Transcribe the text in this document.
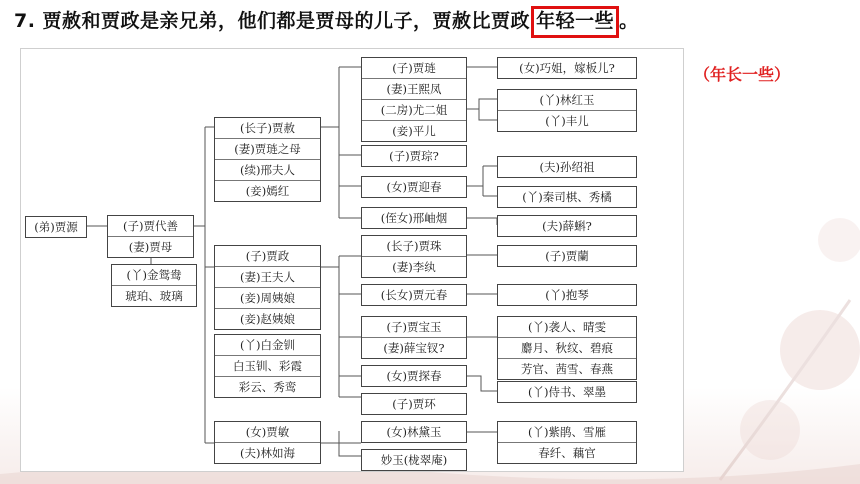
7. 贾赦和贾政是亲兄弟，他们都是贾母的儿子，贾赦比贾政 年轻一些 。
（年长一些）
(弟)贾源	(子)贾代善
(妻)贾母
(丫)金鸳鸯
琥珀、玻璃
(长子)贾赦
(妻)贾琏之母
(续)邢夫人
(妾)嫣红
(子)贾琏
(妻)王熙凤
(二房)尤二姐
(妾)平儿
(女)巧姐，嫁板儿?
(丫)林红玉
(丫)丰儿
(子)贾琮?
(女)贾迎春
(夫)孙绍祖
(丫)秦司棋、秀橘
(侄女)邢岫烟
(夫)薛蝌?
(子)贾政
(妻)王夫人
(妾)周姨娘
(妾)赵姨娘
(丫)白金钏
白玉钏、彩霞
彩云、秀鸾
(长子)贾珠
(妻)李纨
(子)贾蘭
(长女)贾元春	(丫)抱琴
(子)贾宝玉
(妻)薛宝钗?
(丫)袭人、晴雯
麝月、秋纹、碧痕
芳官、茜雪、春燕
(女)贾探春
(丫)侍书、翠墨
(子)贾环
(女)贾敏
(夫)林如海
(女)林黛玉	(丫)紫鹃、雪雁
春纤、藕官
妙玉(栊翠庵)
